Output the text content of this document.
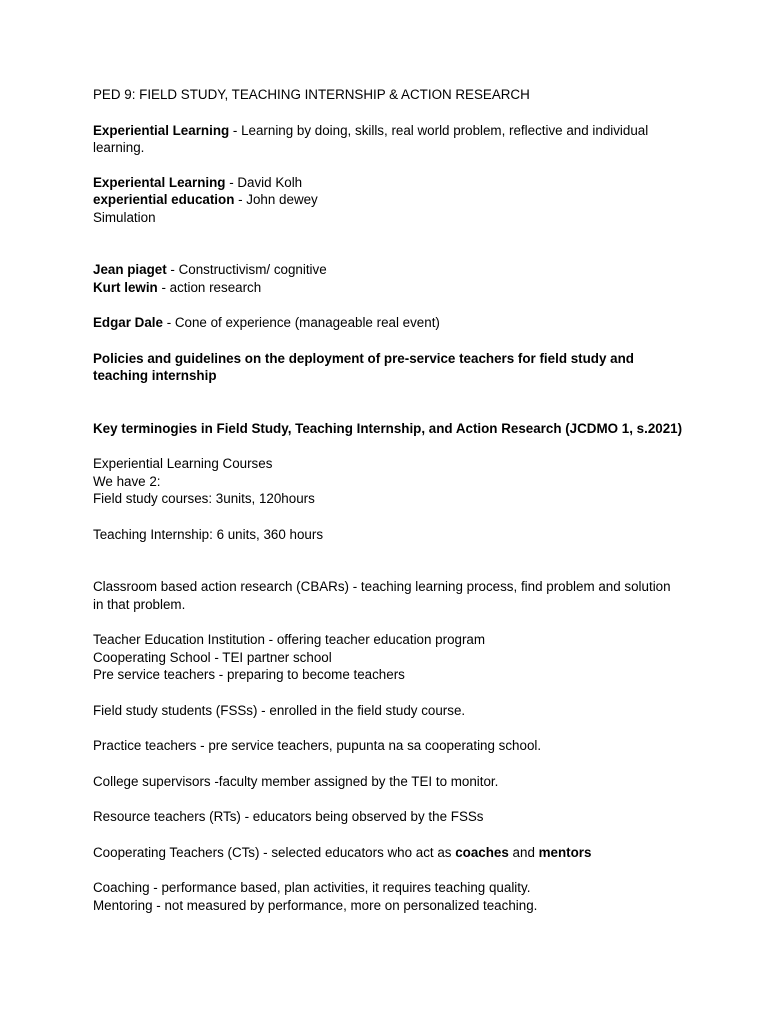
PED 9: FIELD STUDY, TEACHING INTERNSHIP & ACTION RESEARCH

Experiential Learning - Learning by doing, skills, real world problem, reflective and individual learning.

Experiental Learning - David Kolh
experiential education - John dewey
Simulation

Jean piaget - Constructivism/ cognitive
Kurt lewin - action research

Edgar Dale - Cone of experience (manageable real event)

Policies and guidelines on the deployment of pre-service teachers for field study and teaching internship

Key terminogies in Field Study, Teaching Internship, and Action Research (JCDMO 1, s.2021)

Experiential Learning Courses
We have 2:
Field study courses: 3units, 120hours

Teaching Internship: 6 units, 360 hours

Classroom based action research (CBARs) - teaching learning process, find problem and solution in that problem.

Teacher Education Institution - offering teacher education program
Cooperating School - TEI partner school
Pre service teachers - preparing to become teachers

Field study students (FSSs) - enrolled in the field study course.

Practice teachers - pre service teachers, pupunta na sa cooperating school.

College supervisors -faculty member assigned by the TEI to monitor.

Resource teachers (RTs) - educators being observed by the FSSs

Cooperating Teachers (CTs) - selected educators who act as coaches and mentors

Coaching - performance based, plan activities, it requires teaching quality.
Mentoring - not measured by performance, more on personalized teaching.
